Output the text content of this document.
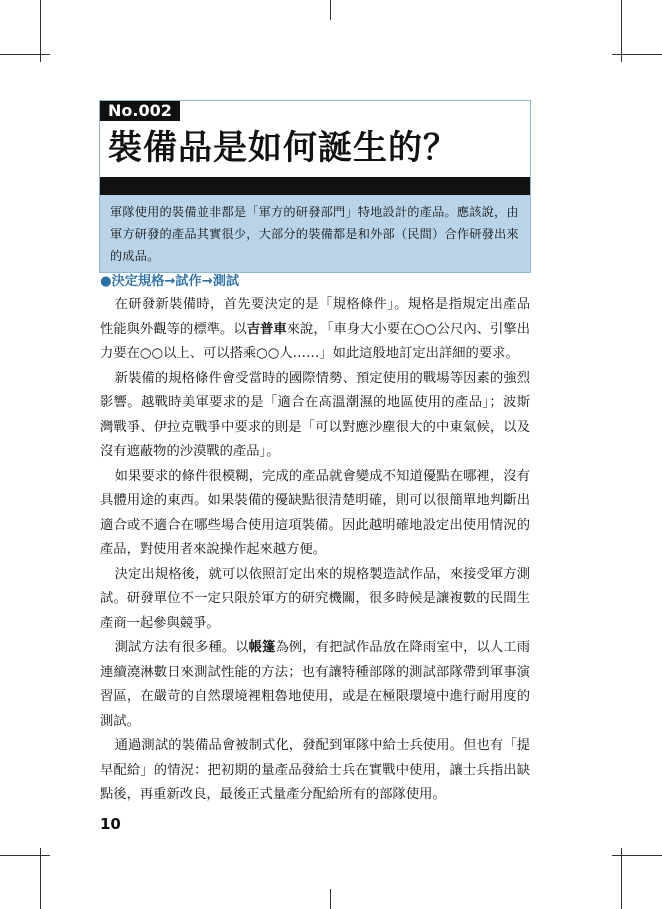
No.002
裝備品是如何誕生的？
軍隊使用的裝備並非都是「軍方的研發部門」特地設計的產品。應該說，由軍方研發的產品其實很少，大部分的裝備都是和外部（民間）合作研發出來的成品。
●決定規格→試作→測試

在研發新裝備時，首先要決定的是「規格條件」。規格是指規定出產品性能與外觀等的標準。以吉普車來說，「車身大小要在○○公尺內、引擎出力要在○○以上、可以搭乘○○人……」如此這般地訂定出詳細的要求。

新裝備的規格條件會受當時的國際情勢、預定使用的戰場等因素的強烈影響。越戰時美軍要求的是「適合在高溫潮濕的地區使用的產品」；波斯灣戰爭、伊拉克戰爭中要求的則是「可以對應沙塵很大的中東氣候，以及沒有遮蔽物的沙漠戰的產品」。

如果要求的條件很模糊，完成的產品就會變成不知道優點在哪裡，沒有具體用途的東西。如果裝備的優缺點很清楚明確，則可以很簡單地判斷出適合或不適合在哪些場合使用這項裝備。因此越明確地設定出使用情況的產品，對使用者來說操作起來越方便。

決定出規格後，就可以依照訂定出來的規格製造試作品，來接受軍方測試。研發單位不一定只限於軍方的研究機關，很多時候是讓複數的民間生產商一起參與競爭。

測試方法有很多種。以帳篷為例，有把試作品放在降雨室中，以人工雨連續澆淋數日來測試性能的方法；也有讓特種部隊的測試部隊帶到軍事演習區，在嚴苛的自然環境裡粗魯地使用，或是在極限環境中進行耐用度的測試。

通過測試的裝備品會被制式化，發配到軍隊中給士兵使用。但也有「提早配給」的情況：把初期的量產品發給士兵在實戰中使用，讓士兵指出缺點後，再重新改良，最後正式量產分配給所有的部隊使用。

10
